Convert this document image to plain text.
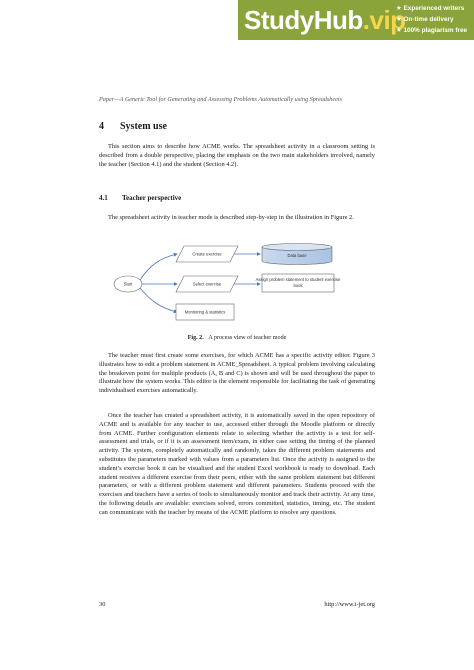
StudyHub.vip
★ Experienced writers
★ On-time delivery
★ 100% plagiarism free
Paper—A Generic Tool for Generating and Assessing Problems Automatically using Spreadsheets
4 System use
This section aims to describe how ACME works. The spreadsheet activity in a classroom setting is described from a double perspective, placing the emphasis on the two main stakeholders involved, namely the teacher (Section 4.1) and the student (Section 4.2).
4.1 Teacher perspective
The spreadsheet activity in teacher mode is described step-by-step in the illustration in Figure 2.
Start
Create exercise
Select exercise
Monitoring & statistics
Data base
Assign problem statement to student exercise
book
Fig. 2. A process view of teacher mode
The teacher must first create some exercises, for which ACME has a specific activity editor. Figure 3 illustrates how to edit a problem statement in ACME_Spreadsheet. A typical problem involving calculating the breakeven point for multiple products (A, B and C) is shown and will be used throughout the paper to illustrate how the system works. This editor is the element responsible for facilitating the task of generating individualised exercises automatically.
Once the teacher has created a spreadsheet activity, it is automatically saved in the open repository of ACME and is available for any teacher to use, accessed either through the Moodle platform or directly from ACME. Further configuration elements relate to selecting whether the activity is a test for self-assessment and trials, or if it is an assessment item/exam, in either case setting the timing of the planned activity. The system, completely automatically and randomly, takes the different problem statements and substitutes the parameters marked with values from a parameters list. Once the activity is assigned to the student’s exercise book it can be visualised and the student Excel workbook is ready to download. Each student receives a different exercise from their peers, either with the same problem statement but different parameters, or with a different problem statement and different parameters. Students proceed with the exercises and teachers have a series of tools to simultaneously monitor and track their activity. At any time, the following details are available: exercises solved, errors committed, statistics, timing, etc. The student can communicate with the teacher by means of the ACME platform to resolve any questions.
30	http://www.i-jet.org
